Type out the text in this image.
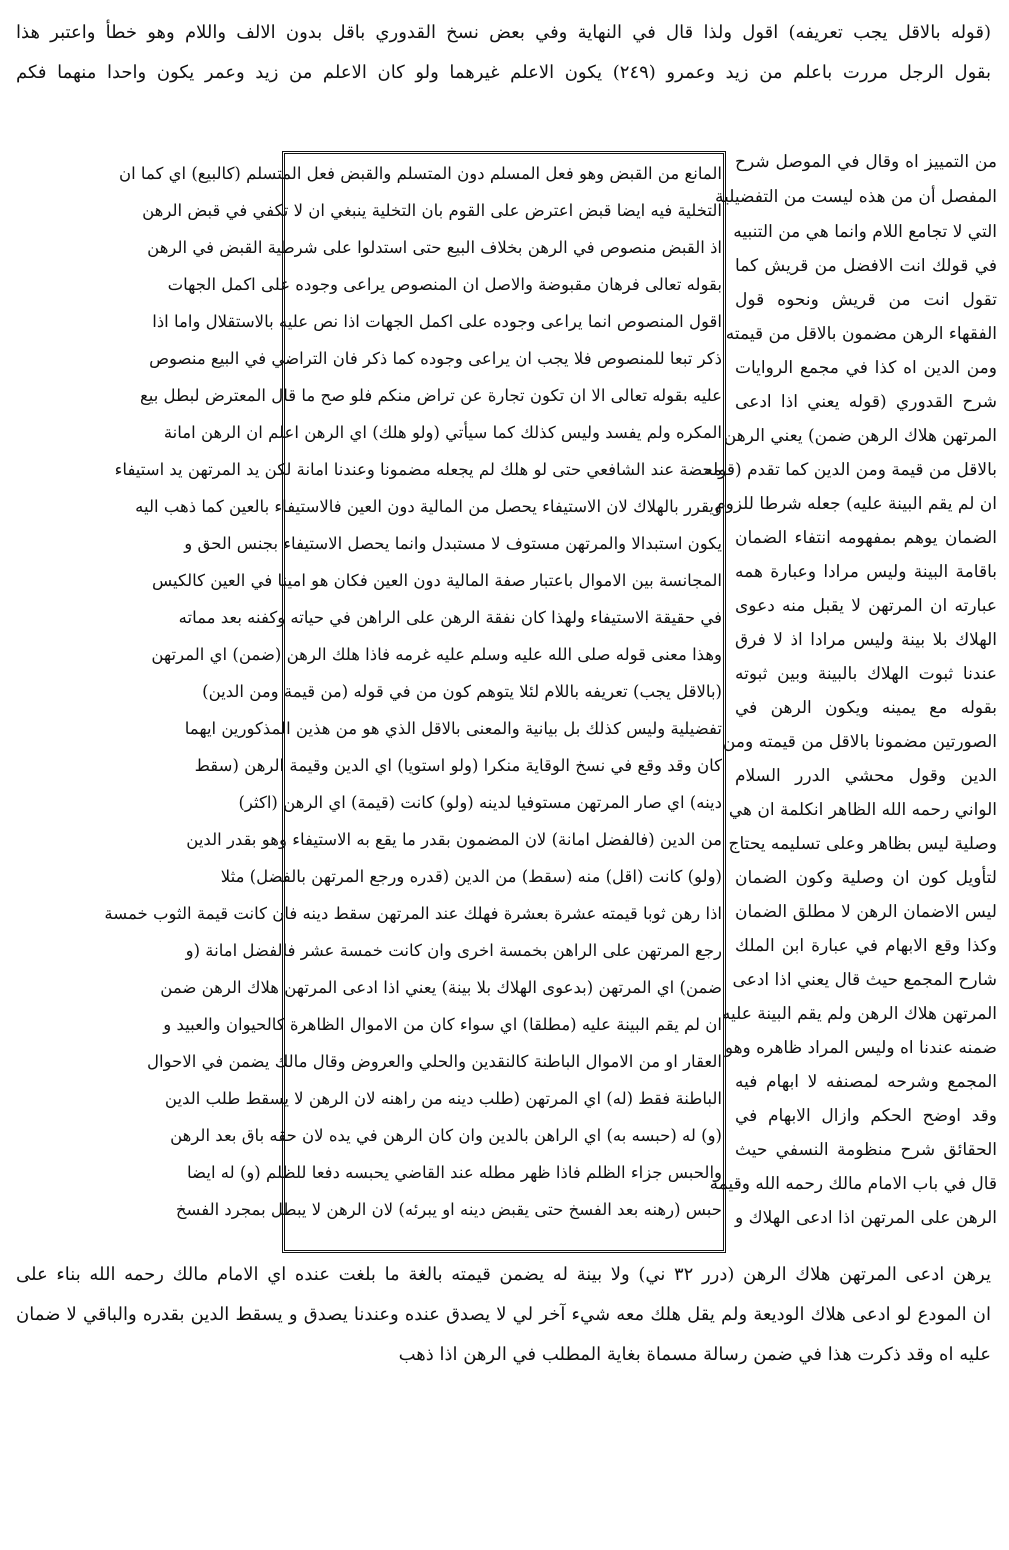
(قوله بالاقل يجب تعريفه) اقول ولذا قال في النهاية وفي بعض نسخ القدوري باقل بدون الالف واللام وهو خطأ واعتبر هذا
بقول الرجل مررت باعلم من زيد وعمرو (٢٤٩) يكون الاعلم غيرهما ولو كان الاعلم من زيد وعمر يكون واحدا منهما فكم
من التمييز اه وقال في الموصل شرح
المفصل أن من هذه ليست من التفضيلية
التي لا تجامع اللام وانما هي من التنبيه
في قولك انت الافضل من قريش كما
تقول انت من قريش ونحوه قول
الفقهاء الرهن مضمون بالاقل من قيمته
ومن الدين اه كذا في مجمع الروايات
شرح القدوري (قوله يعني اذا ادعى
المرتهن هلاك الرهن ضمن) يعني الرهن
بالاقل من قيمة ومن الدين كما تقدم (قوله
ان لم يقم البينة عليه) جعله شرطا للزوم
الضمان يوهم بمفهومه انتفاء الضمان
باقامة البينة وليس مرادا وعبارة همه
عبارته ان المرتهن لا يقبل منه دعوى
الهلاك بلا بينة وليس مرادا اذ لا فرق
عندنا ثبوت الهلاك بالبينة وبين ثبوته
بقوله مع يمينه ويكون الرهن في
الصورتين مضمونا بالاقل من قيمته ومن
الدين وقول محشي الدرر السلام
الواني رحمه الله الظاهر انكلمة ان هي
وصلية ليس بظاهر وعلى تسليمه يحتاج
لتأويل كون ان وصلية وكون الضمان
ليس الاضمان الرهن لا مطلق الضمان
وكذا وقع الابهام في عبارة ابن الملك
شارح المجمع حيث قال يعني اذا ادعى
المرتهن هلاك الرهن ولم يقم البينة عليه
ضمنه عندنا اه وليس المراد ظاهره وهو
المجمع وشرحه لمصنفه لا ابهام فيه
وقد اوضح الحكم وازال الابهام في
الحقائق شرح منظومة النسفي حيث
قال في باب الامام مالك رحمه الله وقيمة
الرهن على المرتهن اذا ادعى الهلاك و
المانع من القبض وهو فعل المسلم دون المتسلم والقبض فعل المتسلم (كالبيع) اي كما ان
التخلية فيه ايضا قبض اعترض على القوم بان التخلية ينبغي ان لا تكفي في قبض الرهن
اذ القبض منصوص في الرهن بخلاف البيع حتى استدلوا على شرطية القبض في الرهن
بقوله تعالى فرهان مقبوضة والاصل ان المنصوص يراعى وجوده على اكمل الجهات
اقول المنصوص انما يراعى وجوده على اكمل الجهات اذا نص عليه بالاستقلال واما اذا
ذكر تبعا للمنصوص فلا يجب ان يراعى وجوده كما ذكر فان التراضي في البيع منصوص
عليه بقوله تعالى الا ان تكون تجارة عن تراض منكم فلو صح ما قال المعترض لبطل بيع
المكره ولم يفسد وليس كذلك كما سيأتي (ولو هلك) اي الرهن اعلم ان الرهن امانة
محضة عند الشافعي حتى لو هلك لم يجعله مضمونا وعندنا امانة لكن يد المرتهن يد استيفاء
ويقرر بالهلاك لان الاستيفاء يحصل من المالية دون العين فالاستيفاء بالعين كما ذهب اليه
يكون استبدالا والمرتهن مستوف لا مستبدل وانما يحصل الاستيفاء بجنس الحق و
المجانسة بين الاموال باعتبار صفة المالية دون العين فكان هو امينا في العين كالكيس
في حقيقة الاستيفاء ولهذا كان نفقة الرهن على الراهن في حياته وكفنه بعد مماته
وهذا معنى قوله صلى الله عليه وسلم عليه غرمه فاذا هلك الرهن (ضمن) اي المرتهن
(بالاقل يجب) تعريفه باللام لئلا يتوهم كون من في قوله (من قيمة ومن الدين)
تفضيلية وليس كذلك بل بيانية والمعنى بالاقل الذي هو من هذين المذكورين ايهما
كان وقد وقع في نسخ الوقاية منكرا (ولو استويا) اي الدين وقيمة الرهن (سقط
دينه) اي صار المرتهن مستوفيا لدينه (ولو) كانت (قيمة) اي الرهن (اكثر)
من الدين (فالفضل امانة) لان المضمون بقدر ما يقع به الاستيفاء وهو بقدر الدين
(ولو) كانت (اقل) منه (سقط) من الدين (قدره ورجع المرتهن بالفضل) مثلا
اذا رهن ثوبا قيمته عشرة بعشرة فهلك عند المرتهن سقط دينه فان كانت قيمة الثوب خمسة
رجع المرتهن على الراهن بخمسة اخرى وان كانت خمسة عشر فالفضل امانة (و
ضمن) اي المرتهن (بدعوى الهلاك بلا بينة) يعني اذا ادعى المرتهن هلاك الرهن ضمن
ان لم يقم البينة عليه (مطلقا) اي سواء كان من الاموال الظاهرة كالحيوان والعبيد و
العقار او من الاموال الباطنة كالنقدين والحلي والعروض وقال مالك يضمن في الاحوال
الباطنة فقط (له) اي المرتهن (طلب دينه من راهنه لان الرهن لا يسقط طلب الدين
(و) له (حبسه به) اي الراهن بالدين وان كان الرهن في يده لان حقه باق بعد الرهن
والحبس جزاء الظلم فاذا ظهر مطله عند القاضي يحبسه دفعا للظلم (و) له ايضا
حبس (رهنه بعد الفسخ حتى يقبض دينه او يبرئه) لان الرهن لا يبطل بمجرد الفسخ
يرهن ادعى المرتهن هلاك الرهن (درر ٣٢ ني) ولا بينة له يضمن قيمته بالغة ما بلغت عنده اي الامام مالك رحمه الله بناء على
ان المودع لو ادعى هلاك الوديعة ولم يقل هلك معه شيء آخر لي لا يصدق عنده وعندنا يصدق و يسقط الدين بقدره والباقي لا ضمان
عليه اه وقد ذكرت هذا في ضمن رسالة مسماة بغاية المطلب في الرهن اذا ذهب
